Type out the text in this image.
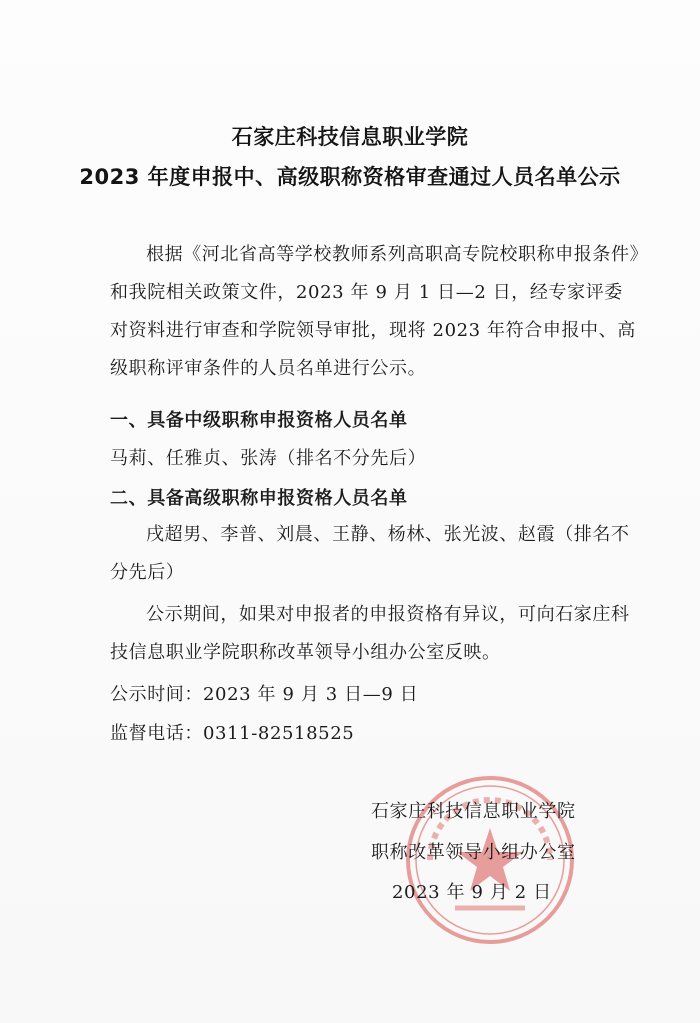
石家庄科技信息职业学院
2023 年度申报中、高级职称资格审查通过人员名单公示
根据《河北省高等学校教师系列高职高专院校职称申报条件》和我院相关政策文件，2023 年 9 月 1 日—2 日，经专家评委对资料进行审查和学院领导审批，现将 2023 年符合申报中、高级职称评审条件的人员名单进行公示。
一、具备中级职称申报资格人员名单
马莉、任雅贞、张涛（排名不分先后）
二、具备高级职称申报资格人员名单
戌超男、李普、刘晨、王静、杨林、张光波、赵霞（排名不分先后）
公示期间，如果对申报者的申报资格有异议，可向石家庄科技信息职业学院职称改革领导小组办公室反映。
公示时间：2023 年 9 月 3 日—9 日
监督电话：0311-82518525
石家庄科技信息职业学院
职称改革领导小组办公室
2023 年 9 月 2 日
